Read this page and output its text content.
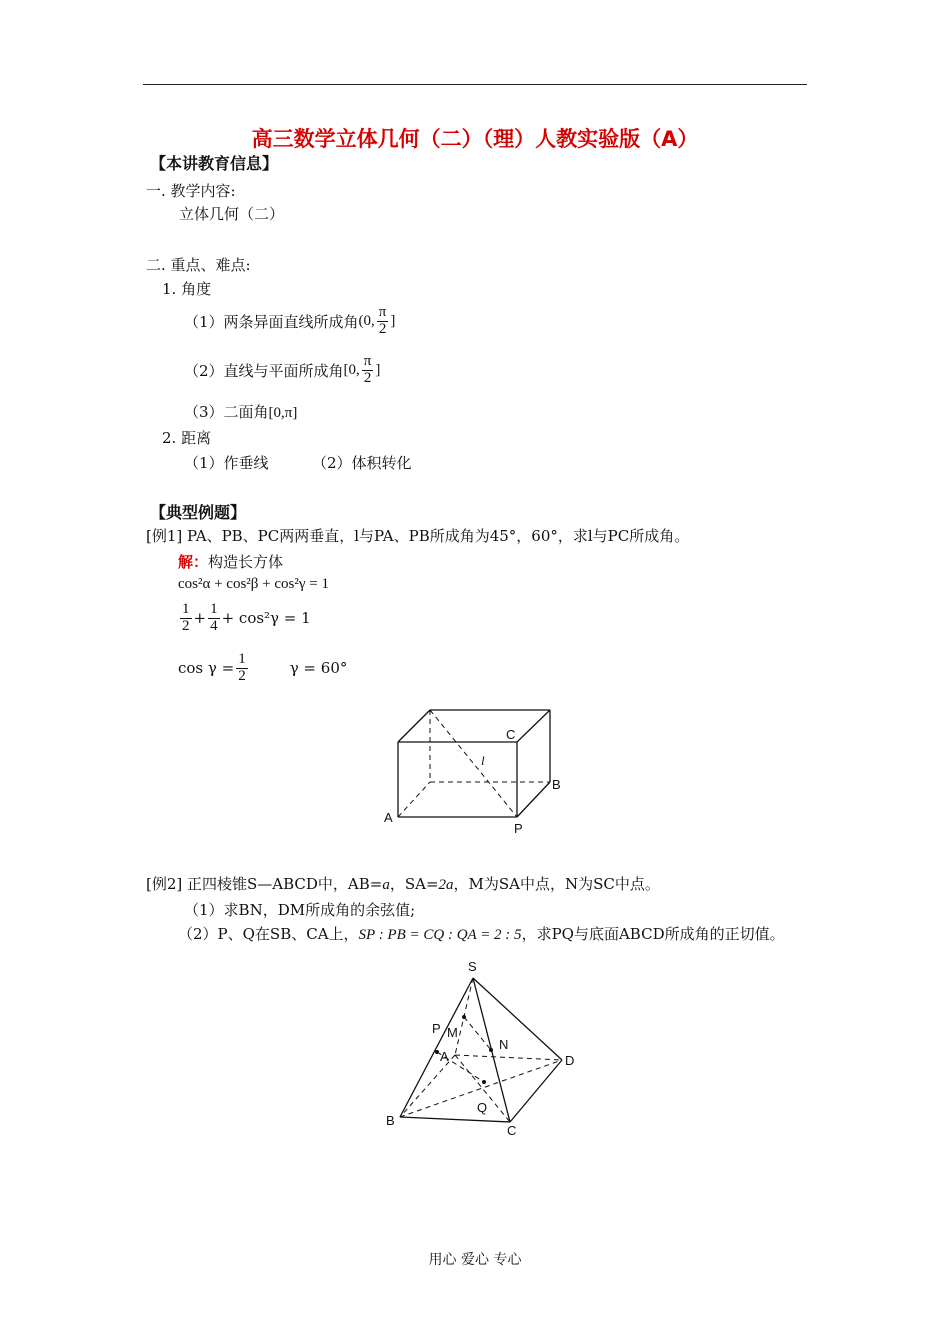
高三数学立体几何（二）（理）人教实验版（A）
【本讲教育信息】
一. 教学内容:
立体几何（二）
二. 重点、难点:
1. 角度
（1）两条异面直线所成角 (0, $\frac{\pi}{2}$ ]
（2）直线与平面所成角 [0, $\frac{\pi}{2}$ ]
（3）二面角[0,π]
2. 距离
（1）作垂线	（2）体积转化
【典型例题】
[例1] PA、PB、PC两两垂直，l与PA、PB所成角为45°，60°，求l与PC所成角。
解：构造长方体
cos²α + cos²β + cos²γ = 1
$\frac{1}{2} + \frac{1}{4} + \cos^2\gamma = 1$
$\cos \gamma = \frac{1}{2}$	γ = 60°
C
B
A
P
l
[例2] 正四棱锥S—ABCD中，AB=a，SA=2a，M为SA中点，N为SC中点。
（1）求BN，DM所成角的余弦值;
（2）P、Q在SB、CA上，SP : PB = CQ : QA = 2 : 5，求PQ与底面ABCD所成角的正切值。
S
P M
N
A	D
Q
B
C
用心 爱心 专心
